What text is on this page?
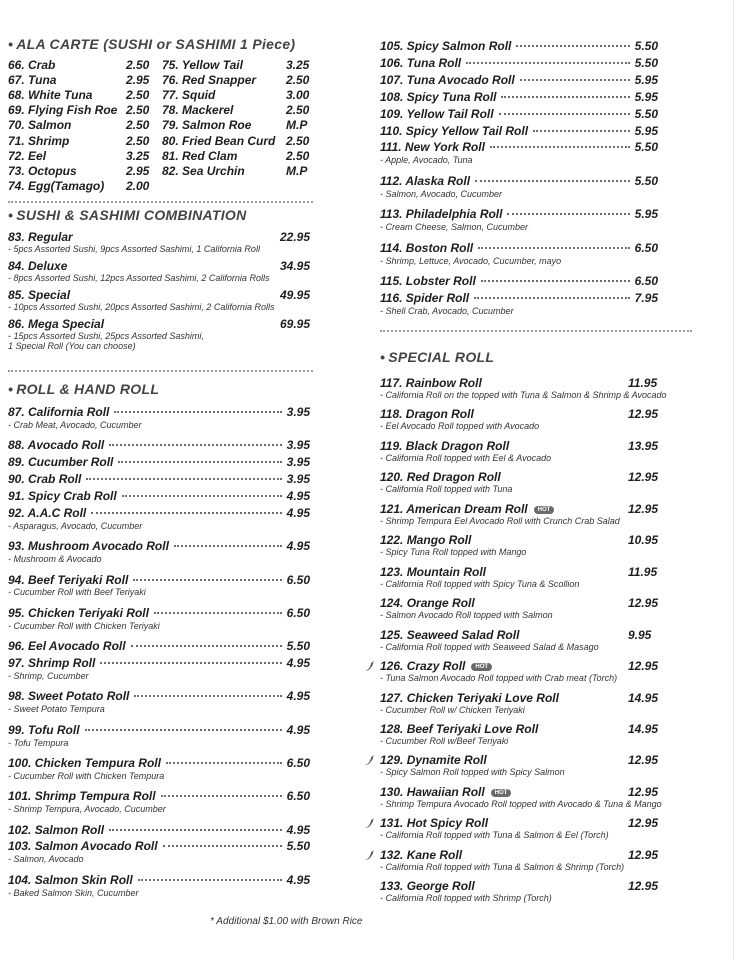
• ALA CARTE (SUSHI or SASHIMI 1 Piece)
66. Crab	2.50 75. Yellow Tail	3.25
67. Tuna	2.95 76. Red Snapper 2.50
68. White Tuna	2.50 77. Squid	3.00
69. Flying Fish Roe 2.50 78. Mackerel	2.50
70. Salmon	2.50 79. Salmon Roe	M.P
71. Shrimp	2.50 80. Fried Bean Curd 2.50
72. Eel	3.25 81. Red Clam	2.50
73. Octopus	2.95 82. Sea Urchin	M.P
74. Egg(Tamago) 2.00
• SUSHI & SASHIMI COMBINATION
83. Regular	22.95
- 5pcs Assorted Sushi, 9pcs Assorted Sashimi, 1 California Roll
84. Deluxe	34.95
- 8pcs Assorted Sushi, 12pcs Assorted Sashimi, 2 California Rolls
85. Special	49.95
- 10pcs Assorted Sushi, 20pcs Assorted Sashimi, 2 California Rolls
86. Mega Special	69.95
- 15pcs Assorted Sushi, 25pcs Assorted Sashimi,
1 Special Roll (You can choose)
• ROLL & HAND ROLL
87. California Roll	3.95
- Crab Meat, Avocado, Cucumber
88. Avocado Roll	3.95
89. Cucumber Roll	3.95
90. Crab Roll	3.95
91. Spicy Crab Roll	4.95
92. A.A.C Roll	4.95
- Asparagus, Avocado, Cucumber
93. Mushroom Avocado Roll	4.95
- Mushroom & Avocado
94. Beef Teriyaki Roll	6.50
- Cucumber Roll with Beef Teriyaki
95. Chicken Teriyaki Roll	6.50
- Cucumber Roll with Chicken Teriyaki
96. Eel Avocado Roll	5.50
97. Shrimp Roll	4.95
- Shrimp, Cucumber
98. Sweet Potato Roll	4.95
- Sweet Potato Tempura
99. Tofu Roll	4.95
- Tofu Tempura
100. Chicken Tempura Roll	6.50
- Cucumber Roll with Chicken Tempura
101. Shrimp Tempura Roll	6.50
- Shrimp Tempura, Avocado, Cucumber
102. Salmon Roll	4.95
103. Salmon Avocado Roll	5.50
- Salmon, Avocado
104. Salmon Skin Roll	4.95
- Baked Salmon Skin, Cucumber
105. Spicy Salmon Roll	5.50
106. Tuna Roll	5.50
107. Tuna Avocado Roll	5.95
108. Spicy Tuna Roll	5.95
109. Yellow Tail Roll	5.50
110. Spicy Yellow Tail Roll	5.95
111. New York Roll	5.50
- Apple, Avocado, Tuna
112. Alaska Roll	5.50
- Salmon, Avocado, Cucumber
113. Philadelphia Roll	5.95
- Cream Cheese, Salmon, Cucumber
114. Boston Roll	6.50
- Shrimp, Lettuce, Avocado, Cucumber, mayo
115. Lobster Roll	6.50
116. Spider Roll	7.95
- Shell Crab, Avocado, Cucumber
• SPECIAL ROLL
117. Rainbow Roll	11.95
- California Roll on the topped with Tuna & Salmon & Shrimp & Avocado
118. Dragon Roll	12.95
- Eel Avocado Roll topped with Avocado
119. Black Dragon Roll	13.95
- California Roll topped with Eel & Avocado
120. Red Dragon Roll	12.95
- California Roll topped with Tuna
121. American Dream Roll HOT	12.95
- Shrimp Tempura Eel Avocado Roll with Crunch Crab Salad
122. Mango Roll	10.95
- Spicy Tuna Roll topped with Mango
123. Mountain Roll	11.95
- California Roll topped with Spicy Tuna & Scollion
124. Orange Roll	12.95
- Salmon Avocado Roll topped with Salmon
125. Seaweed Salad Roll	9.95
- California Roll topped with Seaweed Salad & Masago
126. Crazy Roll HOT	12.95
- Tuna Salmon Avocado Roll topped with Crab meat (Torch)
127. Chicken Teriyaki Love Roll	14.95
- Cucumber Roll w/ Chicken Teriyaki
128. Beef Teriyaki Love Roll	14.95
- Cucumber Roll w/Beef Teriyaki
129. Dynamite Roll	12.95
- Spicy Salmon Roll topped with Spicy Salmon
130. Hawaiian Roll HOT	12.95
- Shrimp Tempura Avocado Roll topped with Avocado & Tuna & Mango
131. Hot Spicy Roll	12.95
- California Roll topped with Tuna & Salmon & Eel (Torch)
132. Kane Roll	12.95
- California Roll topped with Tuna & Salmon & Shrimp (Torch)
133. George Roll	12.95
- California Roll topped with Shrimp (Torch)
* Additional $1.00 with Brown Rice
